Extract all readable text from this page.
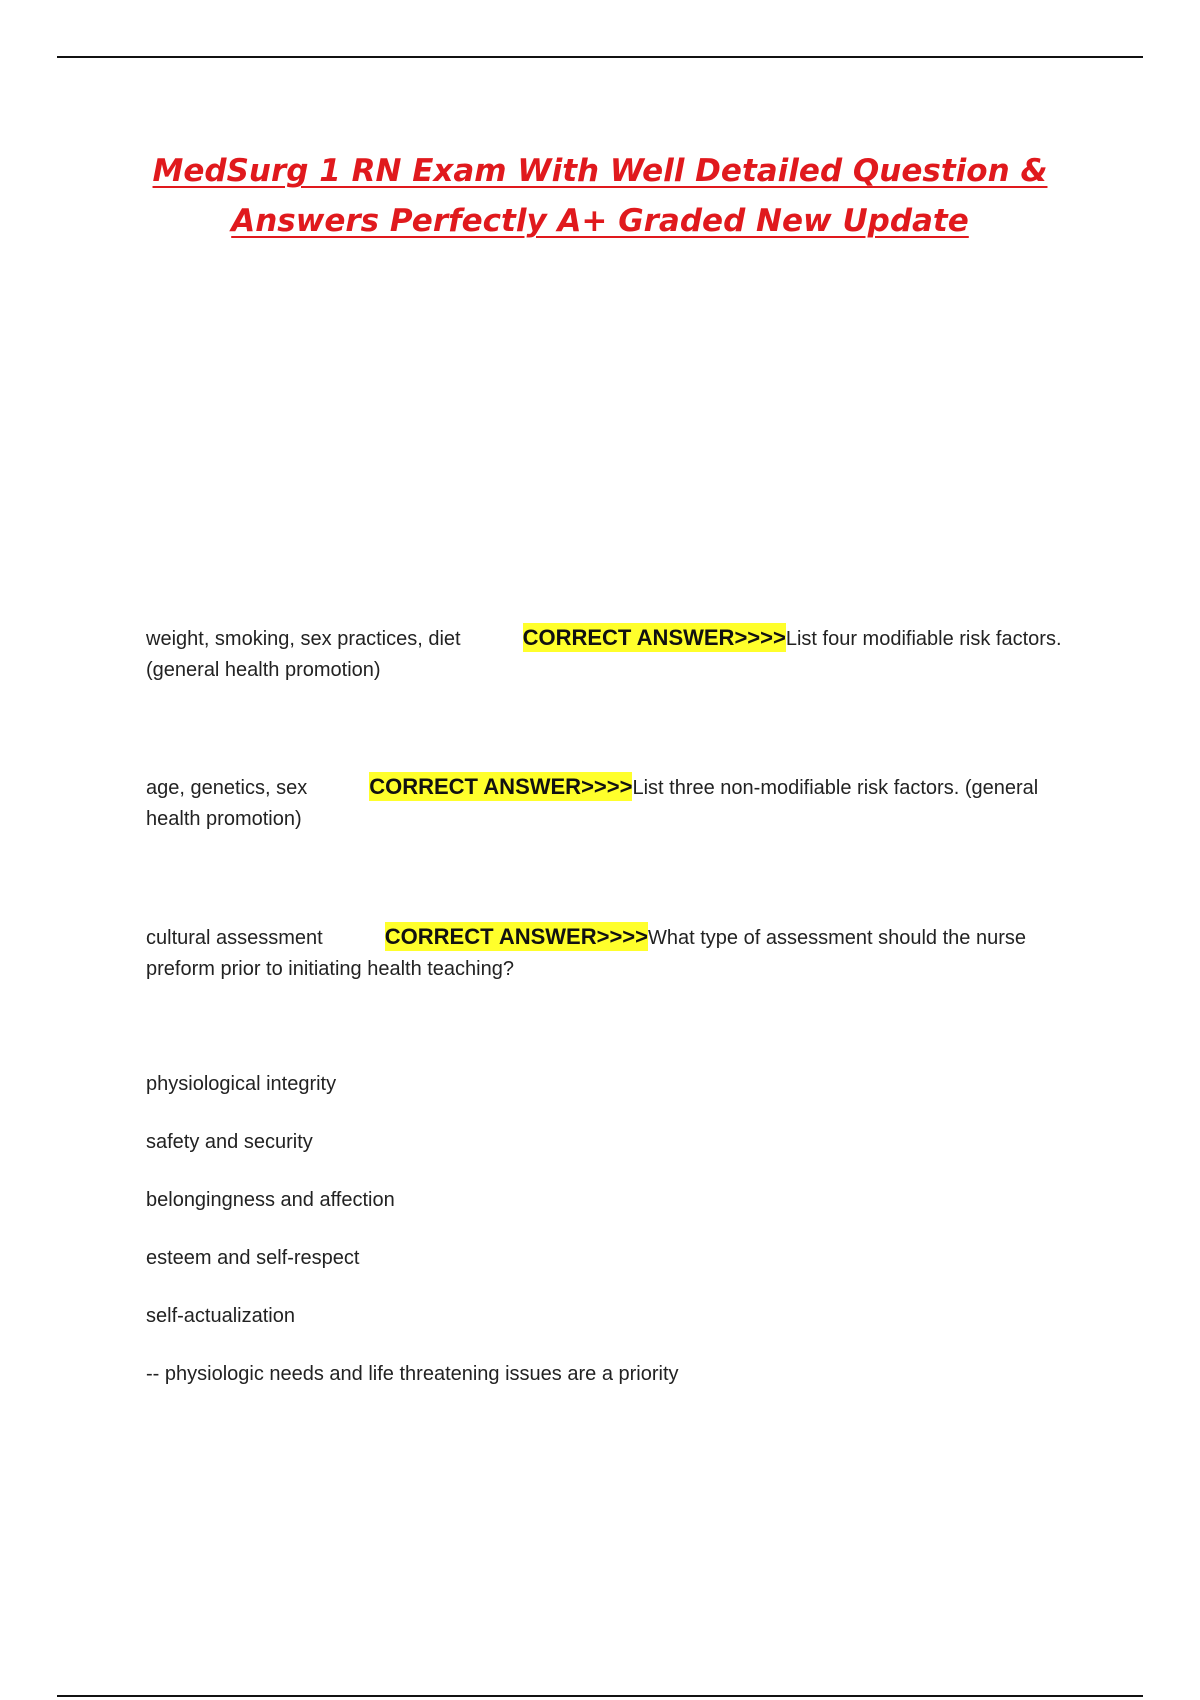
MedSurg 1 RN Exam With Well Detailed Question &
Answers Perfectly A+ Graded New Update
weight, smoking, sex practices, diet	CORRECT ANSWER>>>>List four modifiable risk factors. (general health promotion)
age, genetics, sex	CORRECT ANSWER>>>>List three non-modifiable risk factors. (general health promotion)
cultural assessment	CORRECT ANSWER>>>>What type of assessment should the nurse preform prior to initiating health teaching?
physiological integrity
safety and security
belongingness and affection
esteem and self-respect
self-actualization
-- physiologic needs and life threatening issues are a priority
